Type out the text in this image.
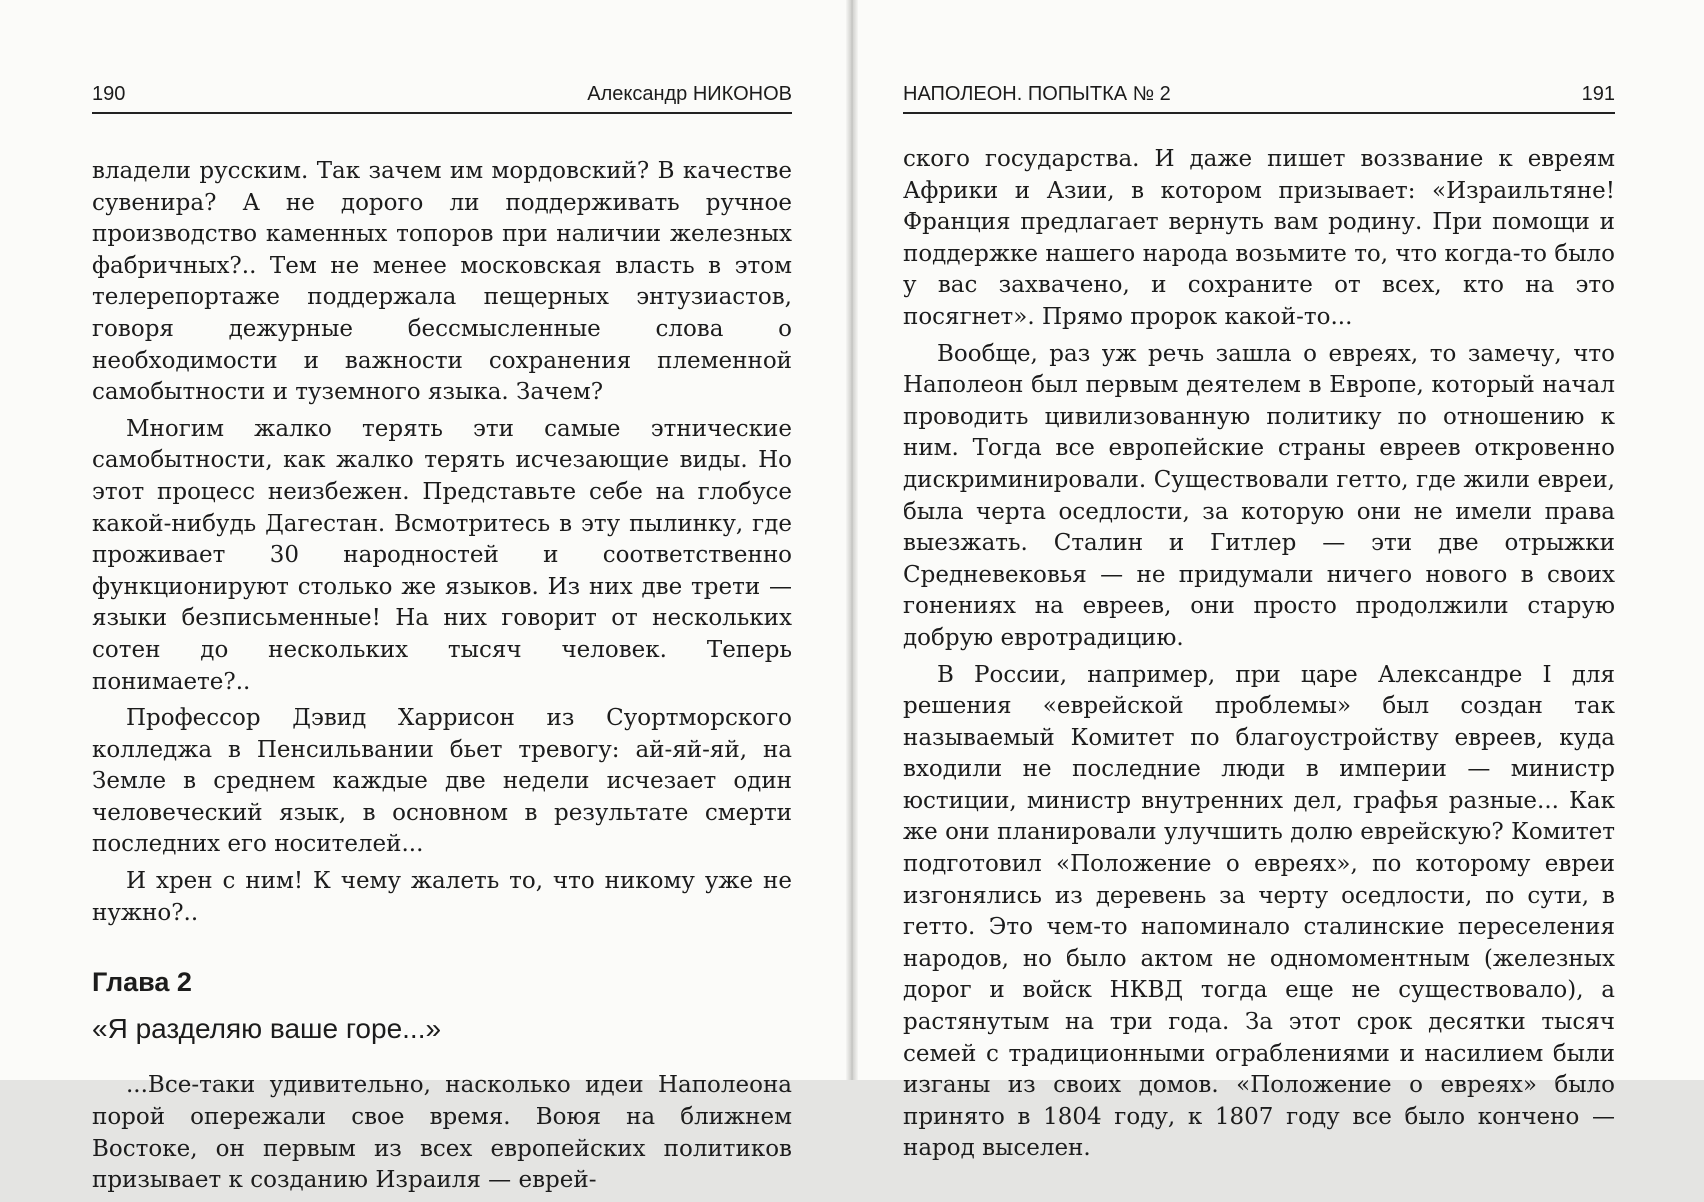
190	Александр НИКОНОВ

владели русским. Так зачем им мордовский? В качестве сувенира? А не дорого ли поддерживать ручное производство каменных топоров при наличии железных фабричных?.. Тем не менее московская власть в этом телерепортаже поддержала пещерных энтузиастов, говоря дежурные бессмысленные слова о необходимости и важности сохранения племенной самобытности и туземного языка. Зачем?

Многим жалко терять эти самые этнические самобытности, как жалко терять исчезающие виды. Но этот процесс неизбежен. Представьте себе на глобусе какой-нибудь Дагестан. Всмотритесь в эту пылинку, где проживает 30 народностей и соответственно функционируют столько же языков. Из них две трети — языки безписьменные! На них говорит от нескольких сотен до нескольких тысяч человек. Теперь понимаете?..

Профессор Дэвид Харрисон из Суортморского колледжа в Пенсильвании бьет тревогу: ай-яй-яй, на Земле в среднем каждые две недели исчезает один человеческий язык, в основном в результате смерти последних его носителей...

И хрен с ним! К чему жалеть то, что никому уже не нужно?..

Глава 2
«Я разделяю ваше горе...»

...Все-таки удивительно, насколько идеи Наполеона порой опережали свое время. Воюя на ближнем Востоке, он первым из всех европейских политиков призывает к созданию Израиля — еврей-

НАПОЛЕОН. ПОПЫТКА № 2	191

ского государства. И даже пишет воззвание к евреям Африки и Азии, в котором призывает: «Израильтяне! Франция предлагает вернуть вам родину. При помощи и поддержке нашего народа возьмите то, что когда-то было у вас захвачено, и сохраните от всех, кто на это посягнет». Прямо пророк какой-то...

Вообще, раз уж речь зашла о евреях, то замечу, что Наполеон был первым деятелем в Европе, который начал проводить цивилизованную политику по отношению к ним. Тогда все европейские страны евреев откровенно дискриминировали. Существовали гетто, где жили евреи, была черта оседлости, за которую они не имели права выезжать. Сталин и Гитлер — эти две отрыжки Средневековья — не придумали ничего нового в своих гонениях на евреев, они просто продолжили старую добрую евротрадицию.

В России, например, при царе Александре I для решения «еврейской проблемы» был создан так называемый Комитет по благоустройству евреев, куда входили не последние люди в империи — министр юстиции, министр внутренних дел, графья разные... Как же они планировали улучшить долю еврейскую? Комитет подготовил «Положение о евреях», по которому евреи изгонялись из деревень за черту оседлости, по сути, в гетто. Это чем-то напоминало сталинские переселения народов, но было актом не одномоментным (железных дорог и войск НКВД тогда еще не существовало), а растянутым на три года. За этот срок десятки тысяч семей с традиционными ограблениями и насилием были изганы из своих домов. «Положение о евреях» было принято в 1804 году, к 1807 году все было кончено — народ выселен.
